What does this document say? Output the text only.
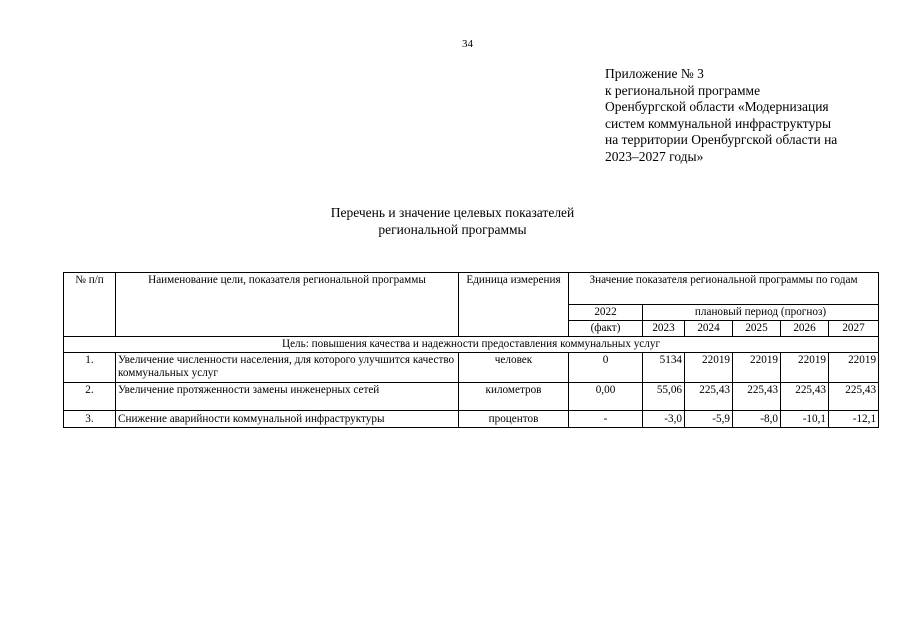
34
Приложение № 3
к региональной программе
Оренбургской области «Модернизация
систем коммунальной инфраструктуры
на территории Оренбургской области на
2023–2027 годы»
Перечень и значение целевых показателей
региональной программы
№ п/п	Наименование цели, показателя региональной программы	Единица измерения	Значение показателя региональной программы по годам					
			2022	плановый период (прогноз)				
			(факт)	2023	2024	2025	2026	2027
Цель: повышения качества и надежности предоставления коммунальных услуг								
1.	Увеличение численности населения, для которого улучшится качество коммунальных услуг	человек	0	5134	22019	22019	22019	22019
2.	Увеличение протяженности замены инженерных сетей	километров	0,00	55,06	225,43	225,43	225,43	225,43
3.	Снижение аварийности коммунальной инфраструктуры	процентов	-	-3,0	-5,9	-8,0	-10,1	-12,1
